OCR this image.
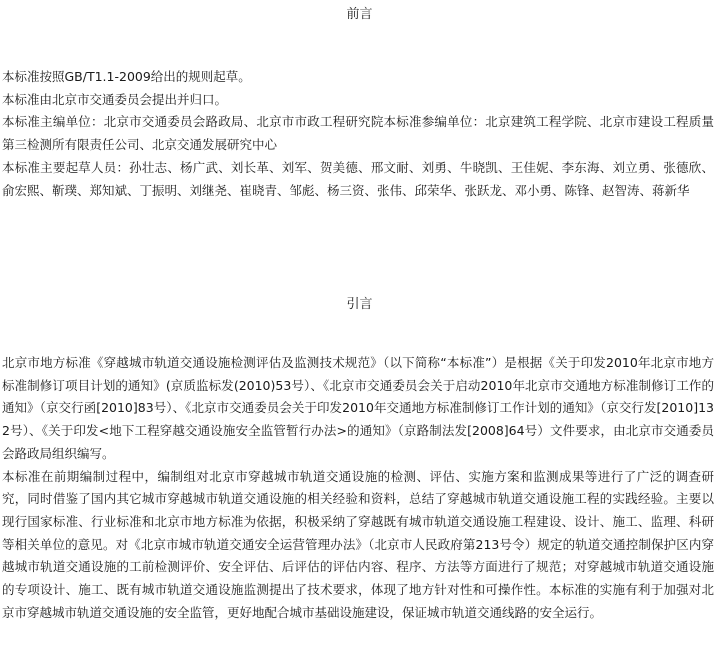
前言

本标准按照GB/T1.1-2009给出的规则起草。

本标准由北京市交通委员会提出并归口。

本标准主编单位：北京市交通委员会路政局、北京市市政工程研究院本标准参编单位：北京建筑工程学院、北京市建设工程质量第三检测所有限责任公司、北京交通发展研究中心

本标准主要起草人员：孙壮志、杨广武、刘长革、刘军、贺美德、邢文耐、刘勇、牛晓凯、王佳妮、李东海、刘立勇、张德欣、俞宏熙、靳璞、郑知斌、丁振明、刘继尧、崔晓青、邹彪、杨三资、张伟、邱荣华、张跃龙、邓小勇、陈锋、赵智涛、蒋新华

引言

北京市地方标准《穿越城市轨道交通设施检测评估及监测技术规范》（以下简称“本标准”）是根据《关于印发2010年北京市地方标准制修订项目计划的通知》(京质监标发(2010)53号）、《北京市交通委员会关于启动2010年北京市交通地方标准制修订工作的通知》（京交行函[2010]83号）、《北京市交通委员会关于印发2010年交通地方标准制修订工作计划的通知》（京交行发[2010]132号）、《关于印发<地下工程穿越交通设施安全监管暂行办法>的通知》（京路制法发[2008]64号）文件要求，由北京市交通委员会路政局组织编写。

本标准在前期编制过程中，编制组对北京市穿越城市轨道交通设施的检测、评估、实施方案和监测成果等进行了广泛的调查研究，同时借鉴了国内其它城市穿越城市轨道交通设施的相关经验和资料，总结了穿越城市轨道交通设施工程的实践经验。主要以现行国家标准、行业标准和北京市地方标准为依据，积极采纳了穿越既有城市轨道交通设施工程建设、设计、施工、监理、科研等相关单位的意见。对《北京市城市轨道交通安全运营管理办法》（北京市人民政府第213号令）规定的轨道交通控制保护区内穿越城市轨道交通设施的工前检测评价、安全评估、后评估的评估内容、程序、方法等方面进行了规范；对穿越城市轨道交通设施的专项设计、施工、既有城市轨道交通设施监测提出了技术要求，体现了地方针对性和可操作性。本标准的实施有利于加强对北京市穿越城市轨道交通设施的安全监管，更好地配合城市基础设施建设，保证城市轨道交通线路的安全运行。
